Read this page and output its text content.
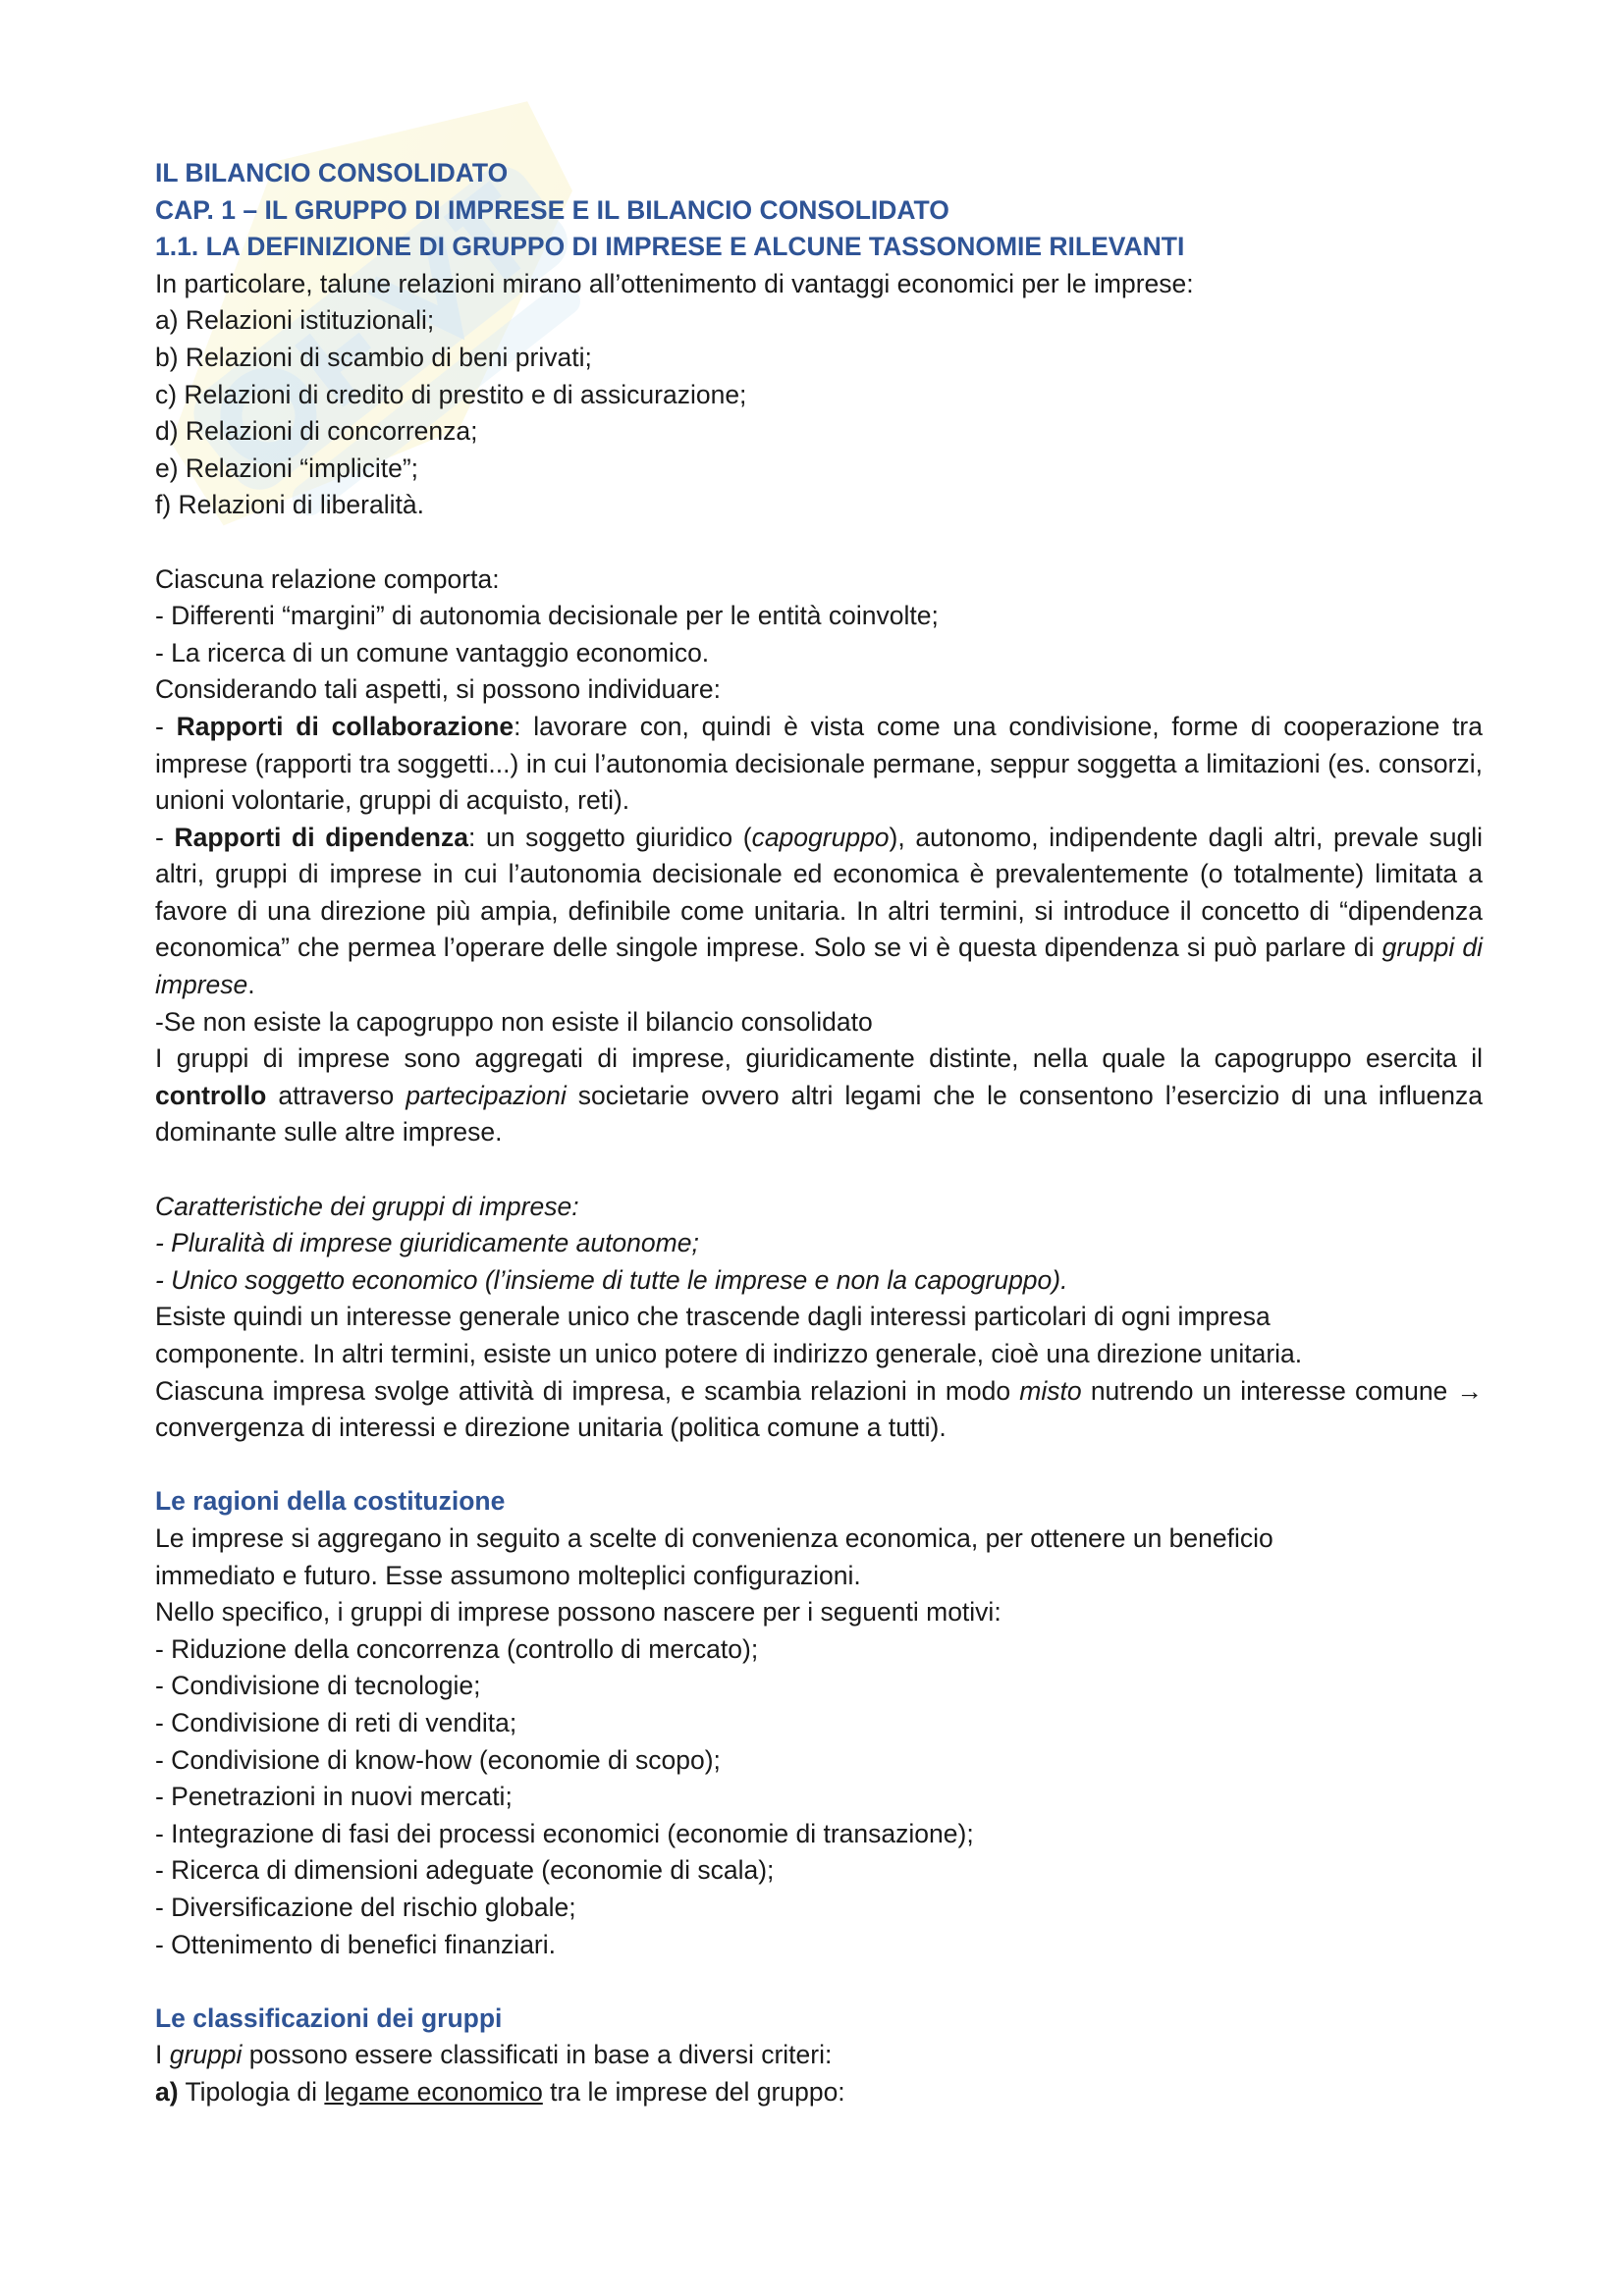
IL BILANCIO CONSOLIDATO
CAP. 1 – IL GRUPPO DI IMPRESE E IL BILANCIO CONSOLIDATO
1.1. LA DEFINIZIONE DI GRUPPO DI IMPRESE E ALCUNE TASSONOMIE RILEVANTI
In particolare, talune relazioni mirano all’ottenimento di vantaggi economici per le imprese:
a) Relazioni istituzionali;
b) Relazioni di scambio di beni privati;
c) Relazioni di credito di prestito e di assicurazione;
d) Relazioni di concorrenza;
e) Relazioni “implicite”;
f) Relazioni di liberalità.
Ciascuna relazione comporta:
- Differenti “margini” di autonomia decisionale per le entità coinvolte;
- La ricerca di un comune vantaggio economico.
Considerando tali aspetti, si possono individuare:
- Rapporti di collaborazione: lavorare con, quindi è vista come una condivisione, forme di cooperazione tra imprese (rapporti tra soggetti...) in cui l’autonomia decisionale permane, seppur soggetta a limitazioni (es. consorzi, unioni volontarie, gruppi di acquisto, reti).
- Rapporti di dipendenza: un soggetto giuridico (capogruppo), autonomo, indipendente dagli altri, prevale sugli altri, gruppi di imprese in cui l’autonomia decisionale ed economica è prevalentemente (o totalmente) limitata a favore di una direzione più ampia, definibile come unitaria. In altri termini, si introduce il concetto di “dipendenza economica” che permea l’operare delle singole imprese. Solo se vi è questa dipendenza si può parlare di gruppi di imprese.
-Se non esiste la capogruppo non esiste il bilancio consolidato
I gruppi di imprese sono aggregati di imprese, giuridicamente distinte, nella quale la capogruppo esercita il controllo attraverso partecipazioni societarie ovvero altri legami che le consentono l’esercizio di una influenza dominante sulle altre imprese.
Caratteristiche dei gruppi di imprese:
- Pluralità di imprese giuridicamente autonome;
- Unico soggetto economico (l’insieme di tutte le imprese e non la capogruppo).
Esiste quindi un interesse generale unico che trascende dagli interessi particolari di ogni impresa
componente. In altri termini, esiste un unico potere di indirizzo generale, cioè una direzione unitaria.
Ciascuna impresa svolge attività di impresa, e scambia relazioni in modo misto nutrendo un interesse comune → convergenza di interessi e direzione unitaria (politica comune a tutti).
Le ragioni della costituzione
Le imprese si aggregano in seguito a scelte di convenienza economica, per ottenere un beneficio
immediato e futuro. Esse assumono molteplici configurazioni.
Nello specifico, i gruppi di imprese possono nascere per i seguenti motivi:
- Riduzione della concorrenza (controllo di mercato);
- Condivisione di tecnologie;
- Condivisione di reti di vendita;
- Condivisione di know-how (economie di scopo);
- Penetrazioni in nuovi mercati;
- Integrazione di fasi dei processi economici (economie di transazione);
- Ricerca di dimensioni adeguate (economie di scala);
- Diversificazione del rischio globale;
- Ottenimento di benefici finanziari.
Le classificazioni dei gruppi
I gruppi possono essere classificati in base a diversi criteri:
a) Tipologia di legame economico tra le imprese del gruppo:
